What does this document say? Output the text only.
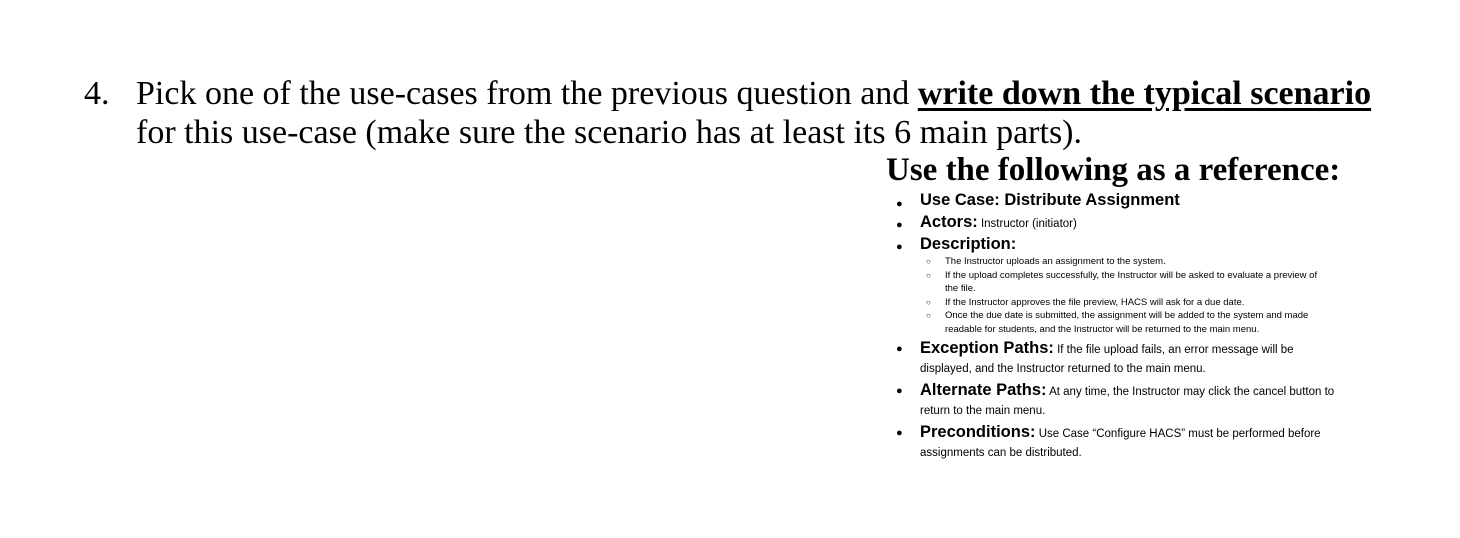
4. Pick one of the use-cases from the previous question and write down the typical scenario
for this use-case (make sure the scenario has at least its 6 main parts).
Use the following as a reference:
● Use Case: Distribute Assignment
● Actors: Instructor (initiator)
● Description:
○ The Instructor uploads an assignment to the system.
○ If the upload completes successfully, the Instructor will be asked to evaluate a preview of the file.
○ If the Instructor approves the file preview, HACS will ask for a due date.
○ Once the due date is submitted, the assignment will be added to the system and made readable for students, and the Instructor will be returned to the main menu.
● Exception Paths: If the file upload fails, an error message will be displayed, and the Instructor returned to the main menu.
● Alternate Paths: At any time, the Instructor may click the cancel button to return to the main menu.
● Preconditions: Use Case “Configure HACS” must be performed before assignments can be distributed.
